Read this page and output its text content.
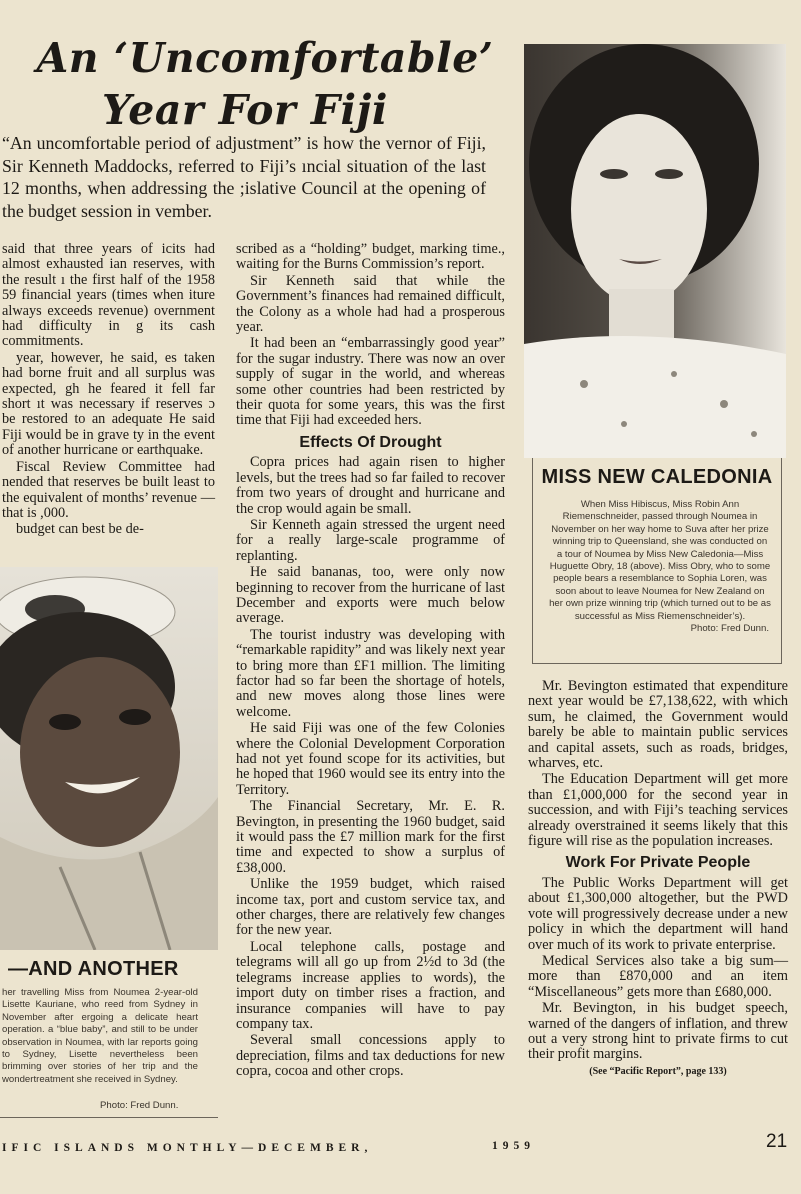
An ‘Uncomfortable’
Year For Fiji
“An uncomfortable period of adjustment” is how the vernor of Fiji, Sir Kenneth Maddocks, referred to Fiji’s ıncial situation of the last 12 months, when addressing the ;islative Council at the opening of the budget session in vember.

said that three years of icits had almost exhausted ian reserves, with the result ı the first half of the 1958 59 financial years (times when iture always exceeds revenue) overnment had difficulty in g its cash commitments.

year, however, he said, es taken had borne fruit and all surplus was expected, gh he feared it fell far short ıt was necessary if reserves ɔ be restored to an adequate He said Fiji would be in grave ty in the event of another hurricane or earthquake.

Fiscal Review Committee had nended that reserves be built least to the equivalent of months’ revenue — that is ,000.

budget can best be de-

—AND ANOTHER
her travelling Miss from Noumea 2-year-old Lisette Kauriane, who reed from Sydney in November after ergoing a delicate heart operation. a “blue baby”, and still to be under observation in Noumea, with lar reports going to Sydney, Lisette nevertheless been brimming over stories of her trip and the wondertreatment she received in Sydney.
Photo: Fred Dunn.

scribed as a “holding” budget, marking time., waiting for the Burns Commission’s report.

Sir Kenneth said that while the Government’s finances had remained difficult, the Colony as a whole had had a prosperous year.

It had been an “embarrassingly good year” for the sugar industry. There was now an over supply of sugar in the world, and whereas some other countries had been restricted by their quota for some years, this was the first time that Fiji had exceeded hers.

Effects Of Drought

Copra prices had again risen to higher levels, but the trees had so far failed to recover from two years of drought and hurricane and the crop would again be small.

Sir Kenneth again stressed the urgent need for a really large-scale programme of replanting.

He said bananas, too, were only now beginning to recover from the hurricane of last December and exports were much below average.

The tourist industry was developing with “remarkable rapidity” and was likely next year to bring more than £F1 million. The limiting factor had so far been the shortage of hotels, and new moves along those lines were welcome.

He said Fiji was one of the few Colonies where the Colonial Development Corporation had not yet found scope for its activities, but he hoped that 1960 would see its entry into the Territory.

The Financial Secretary, Mr. E. R. Bevington, in presenting the 1960 budget, said it would pass the £7 million mark for the first time and expected to show a surplus of £38,000.

Unlike the 1959 budget, which raised income tax, port and custom service tax, and other charges, there are relatively few changes for the new year.

Local telephone calls, postage and telegrams will all go up from 2½d to 3d (the telegrams increase applies to words), the import duty on timber rises a fraction, and insurance companies will have to pay company tax.

Several small concessions apply to depreciation, films and tax deductions for new copra, cocoa and other crops.

MISS NEW CALEDONIA
When Miss Hibiscus, Miss Robin Ann Riemenschneider, passed through Noumea in November on her way home to Suva after her prize winning trip to Queensland, she was conducted on a tour of Noumea by Miss New Caledonia—Miss Huguette Obry, 18 (above). Miss Obry, who to some people bears a resemblance to Sophia Loren, was soon about to leave Noumea for New Zealand on her own prize winning trip (which turned out to be as successful as Miss Riemenschneider’s).
Photo: Fred Dunn.

Mr. Bevington estimated that expenditure next year would be £7,138,622, with which sum, he claimed, the Government would barely be able to maintain public services and capital assets, such as roads, bridges, wharves, etc.

The Education Department will get more than £1,000,000 for the second year in succession, and with Fiji’s teaching services already overstrained it seems likely that this figure will rise as the population increases.

Work For Private People

The Public Works Department will get about £1,300,000 altogether, but the PWD vote will progressively decrease under a new policy in which the department will hand over much of its work to private enterprise.

Medical Services also take a big sum—more than £870,000 and an item “Miscellaneous” gets more than £680,000.

Mr. Bevington, in his budget speech, warned of the dangers of inflation, and threw out a very strong hint to private firms to cut their profit margins.

(See “Pacific Report”, page 133)
IFIC ISLANDS MONTHLY—DECEMBER,	1959	21
